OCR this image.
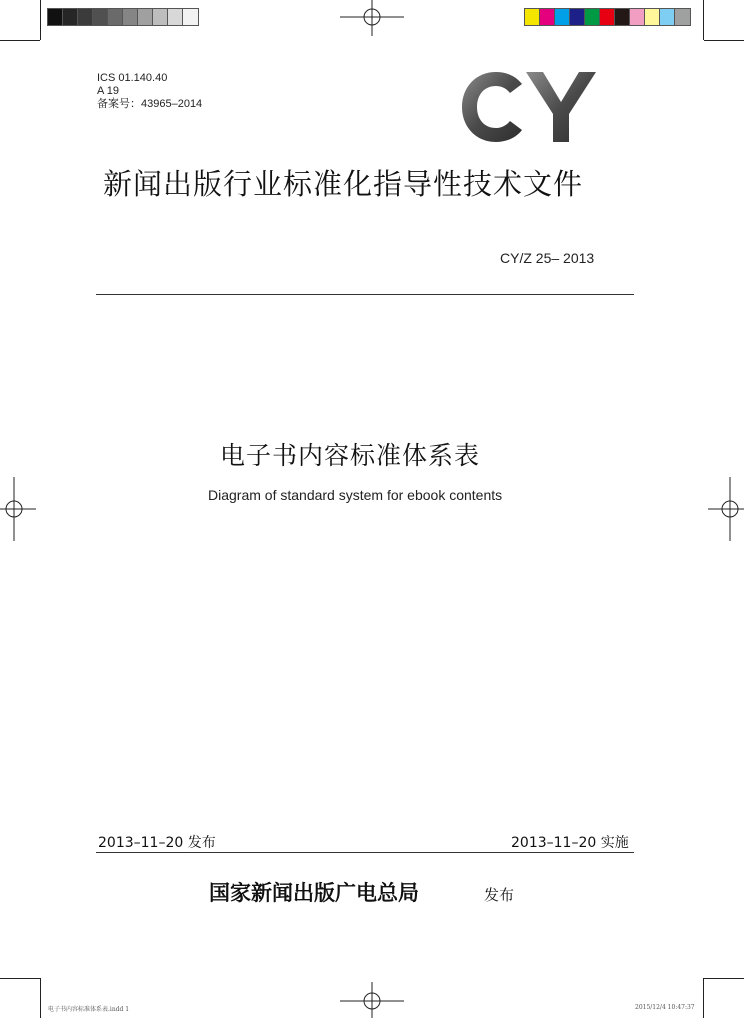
ICS 01.140.40
A 19
备案号：43965–2014
新闻出版行业标准化指导性技术文件
CY/Z 25– 2013
电子书内容标准体系表
Diagram of standard system for ebook contents
2013–11–20 发布	2013–11–20 实施
国家新闻出版广电总局	发布
电子书内容标准体系表.indd 1	2015/12/4 10:47:37
